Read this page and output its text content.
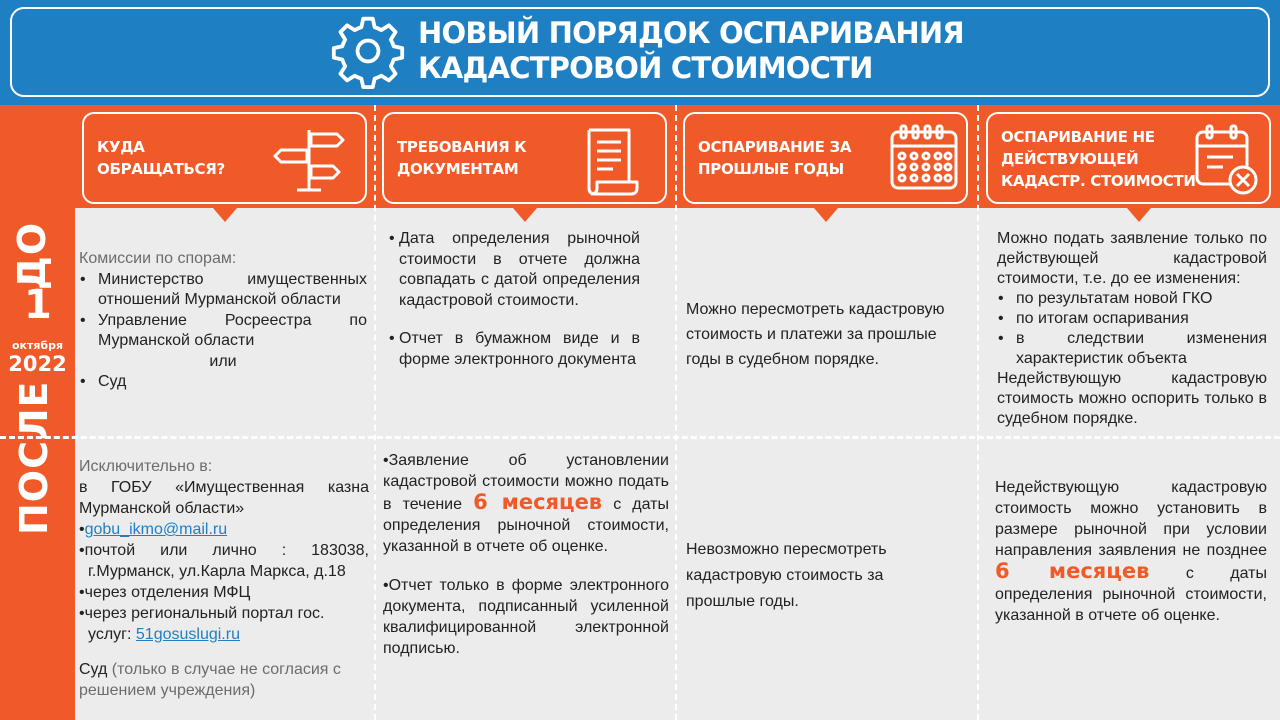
НОВЫЙ ПОРЯДОК ОСПАРИВАНИЯ
КАДАСТРОВОЙ СТОИМОСТИ
ДО
1
октября
2022
ПОСЛЕ
КУДА
ОБРАЩАТЬСЯ?
ТРЕБОВАНИЯ К
ДОКУМЕНТАМ
ОСПАРИВАНИЕ ЗА
ПРОШЛЫЕ ГОДЫ
ОСПАРИВАНИЕ НЕ
ДЕЙСТВУЮЩЕЙ
КАДАСТР. СТОИМОСТИ
Комиссии по спорам:
• Министерство имущественных отношений Мурманской области
• Управление Росреестра по Мурманской области
или
• Суд
• Дата определения рыночной стоимости в отчете должна совпадать с датой определения кадастровой стоимости.
• Отчет в бумажном виде и в форме электронного документа
Можно пересмотреть кадастровую стоимость и платежи за прошлые годы в судебном порядке.
Можно подать заявление только по действующей кадастровой стоимости, т.е. до ее изменения:
• по результатам новой ГКО
• по итогам оспаривания
• в следствии изменения характеристик объекта
Недействующую кадастровую стоимость можно оспорить только в судебном порядке.
Исключительно в:
в ГОБУ «Имущественная казна Мурманской области»
•gobu_ikmo@mail.ru
•почтой или лично : 183038, г.Мурманск, ул.Карла Маркса, д.18
•через отделения МФЦ
•через региональный портал гос. услуг: 51gosuslugi.ru
Суд (только в случае не согласия с решением учреждения)
•Заявление об установлении кадастровой стоимости можно подать в течение 6 месяцев с даты определения рыночной стоимости, указанной в отчете об оценке.
•Отчет только в форме электронного документа, подписанный усиленной квалифицированной электронной подписью.
Невозможно пересмотреть кадастровую стоимость за прошлые годы.
Недействующую кадастровую стоимость можно установить в размере рыночной при условии направления заявления не позднее 6 месяцев с даты определения рыночной стоимости, указанной в отчете об оценке.
